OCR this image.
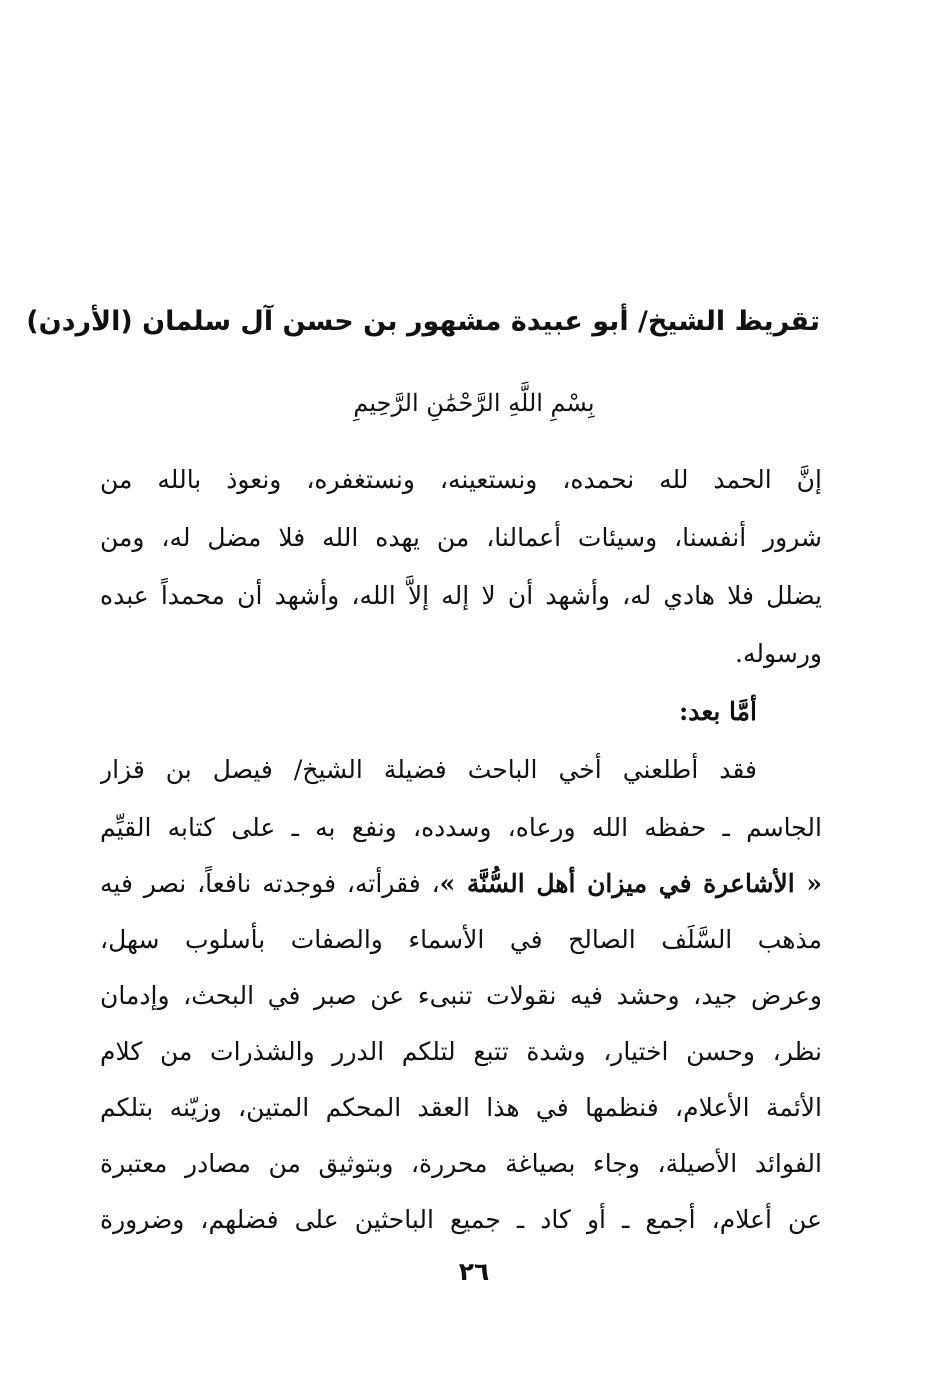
تقريظ الشيخ/ أبو عبيدة مشهور بن حسن آل سلمان (الأردن)
بِسْمِ اللَّهِ الرَّحْمَٰنِ الرَّحِيمِ
إنَّ الحمد لله نحمده، ونستعينه، ونستغفره، ونعوذ بالله من
شرور أنفسنا، وسيئات أعمالنا، من يهده الله فلا مضل له، ومن
يضلل فلا هادي له، وأشهد أن لا إله إلاَّ الله، وأشهد أن محمداً عبده
ورسوله.
أمَّا بعد:
فقد أطلعني أخي الباحث فضيلة الشيخ/ فيصل بن قزار
الجاسم ـ حفظه الله ورعاه، وسدده، ونفع به ـ على كتابه القيِّم
« الأشاعرة في ميزان أهل السُّنَّة »، فقرأته، فوجدته نافعاً، نصر فيه
مذهب السَّلَف الصالح في الأسماء والصفات بأسلوب سهل،
وعرض جيد، وحشد فيه نقولات تنبىء عن صبر في البحث، وإدمان
نظر، وحسن اختيار، وشدة تتبع لتلكم الدرر والشذرات من كلام
الأئمة الأعلام، فنظمها في هذا العقد المحكم المتين، وزيّنه بتلكم
الفوائد الأصيلة، وجاء بصياغة محررة، وبتوثيق من مصادر معتبرة
عن أعلام، أجمع ـ أو كاد ـ جميع الباحثين على فضلهم، وضرورة
٢٦
